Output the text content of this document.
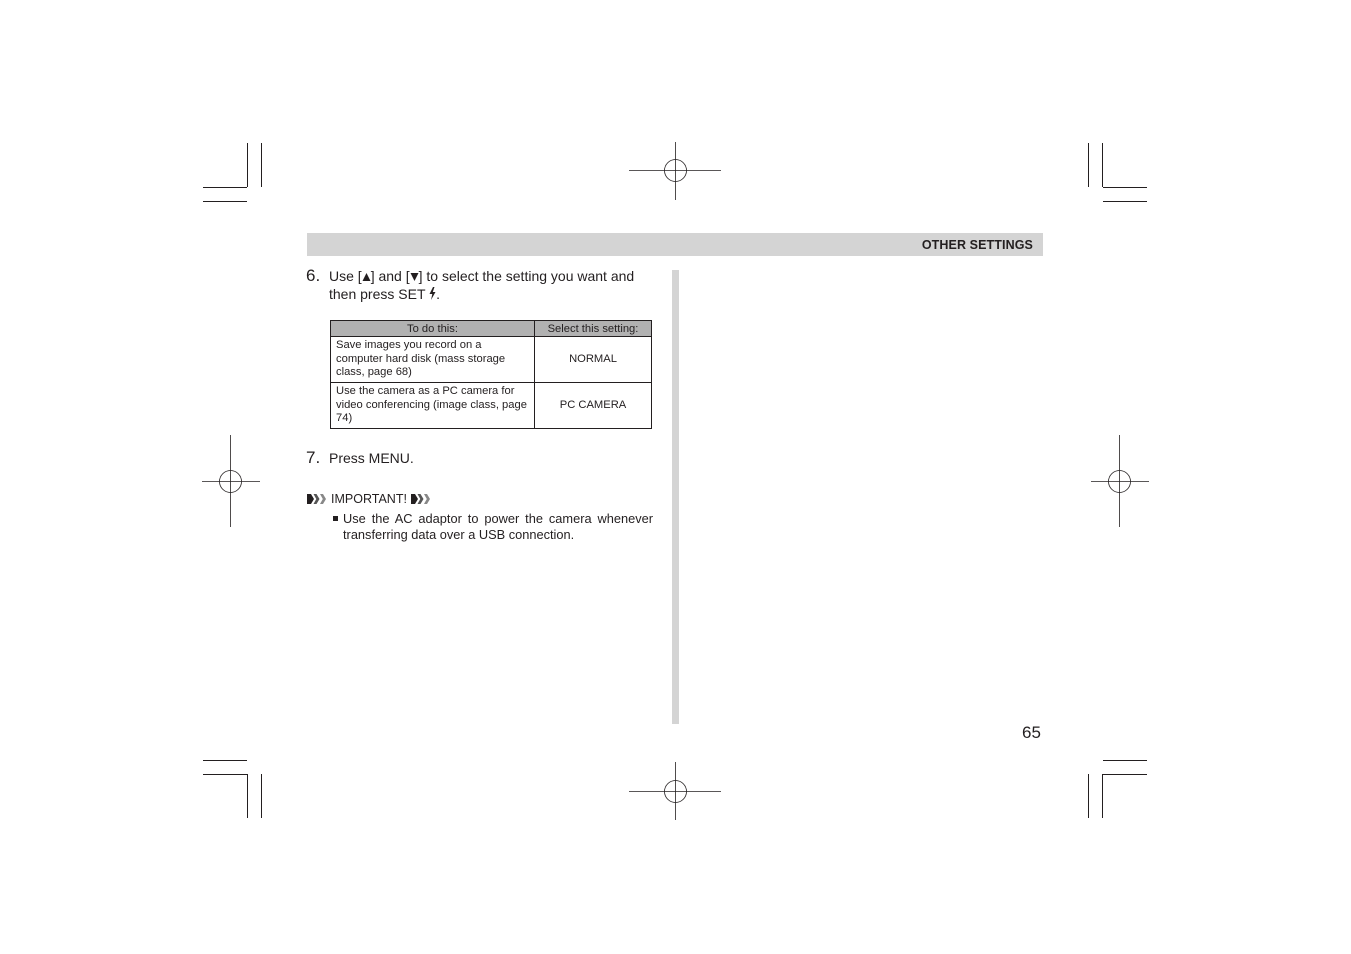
OTHER SETTINGS
6. Use [ ] and [ ] to select the setting you want and
then press SET .
To do this:	Select this setting:
Save images you record on a computer hard disk (mass storage class, page 68)	NORMAL
Use the camera as a PC camera for video conferencing (image class, page 74)	PC CAMERA
7. Press MENU.
IMPORTANT!
Use the AC adaptor to power the camera whenever transferring data over a USB connection.
65
